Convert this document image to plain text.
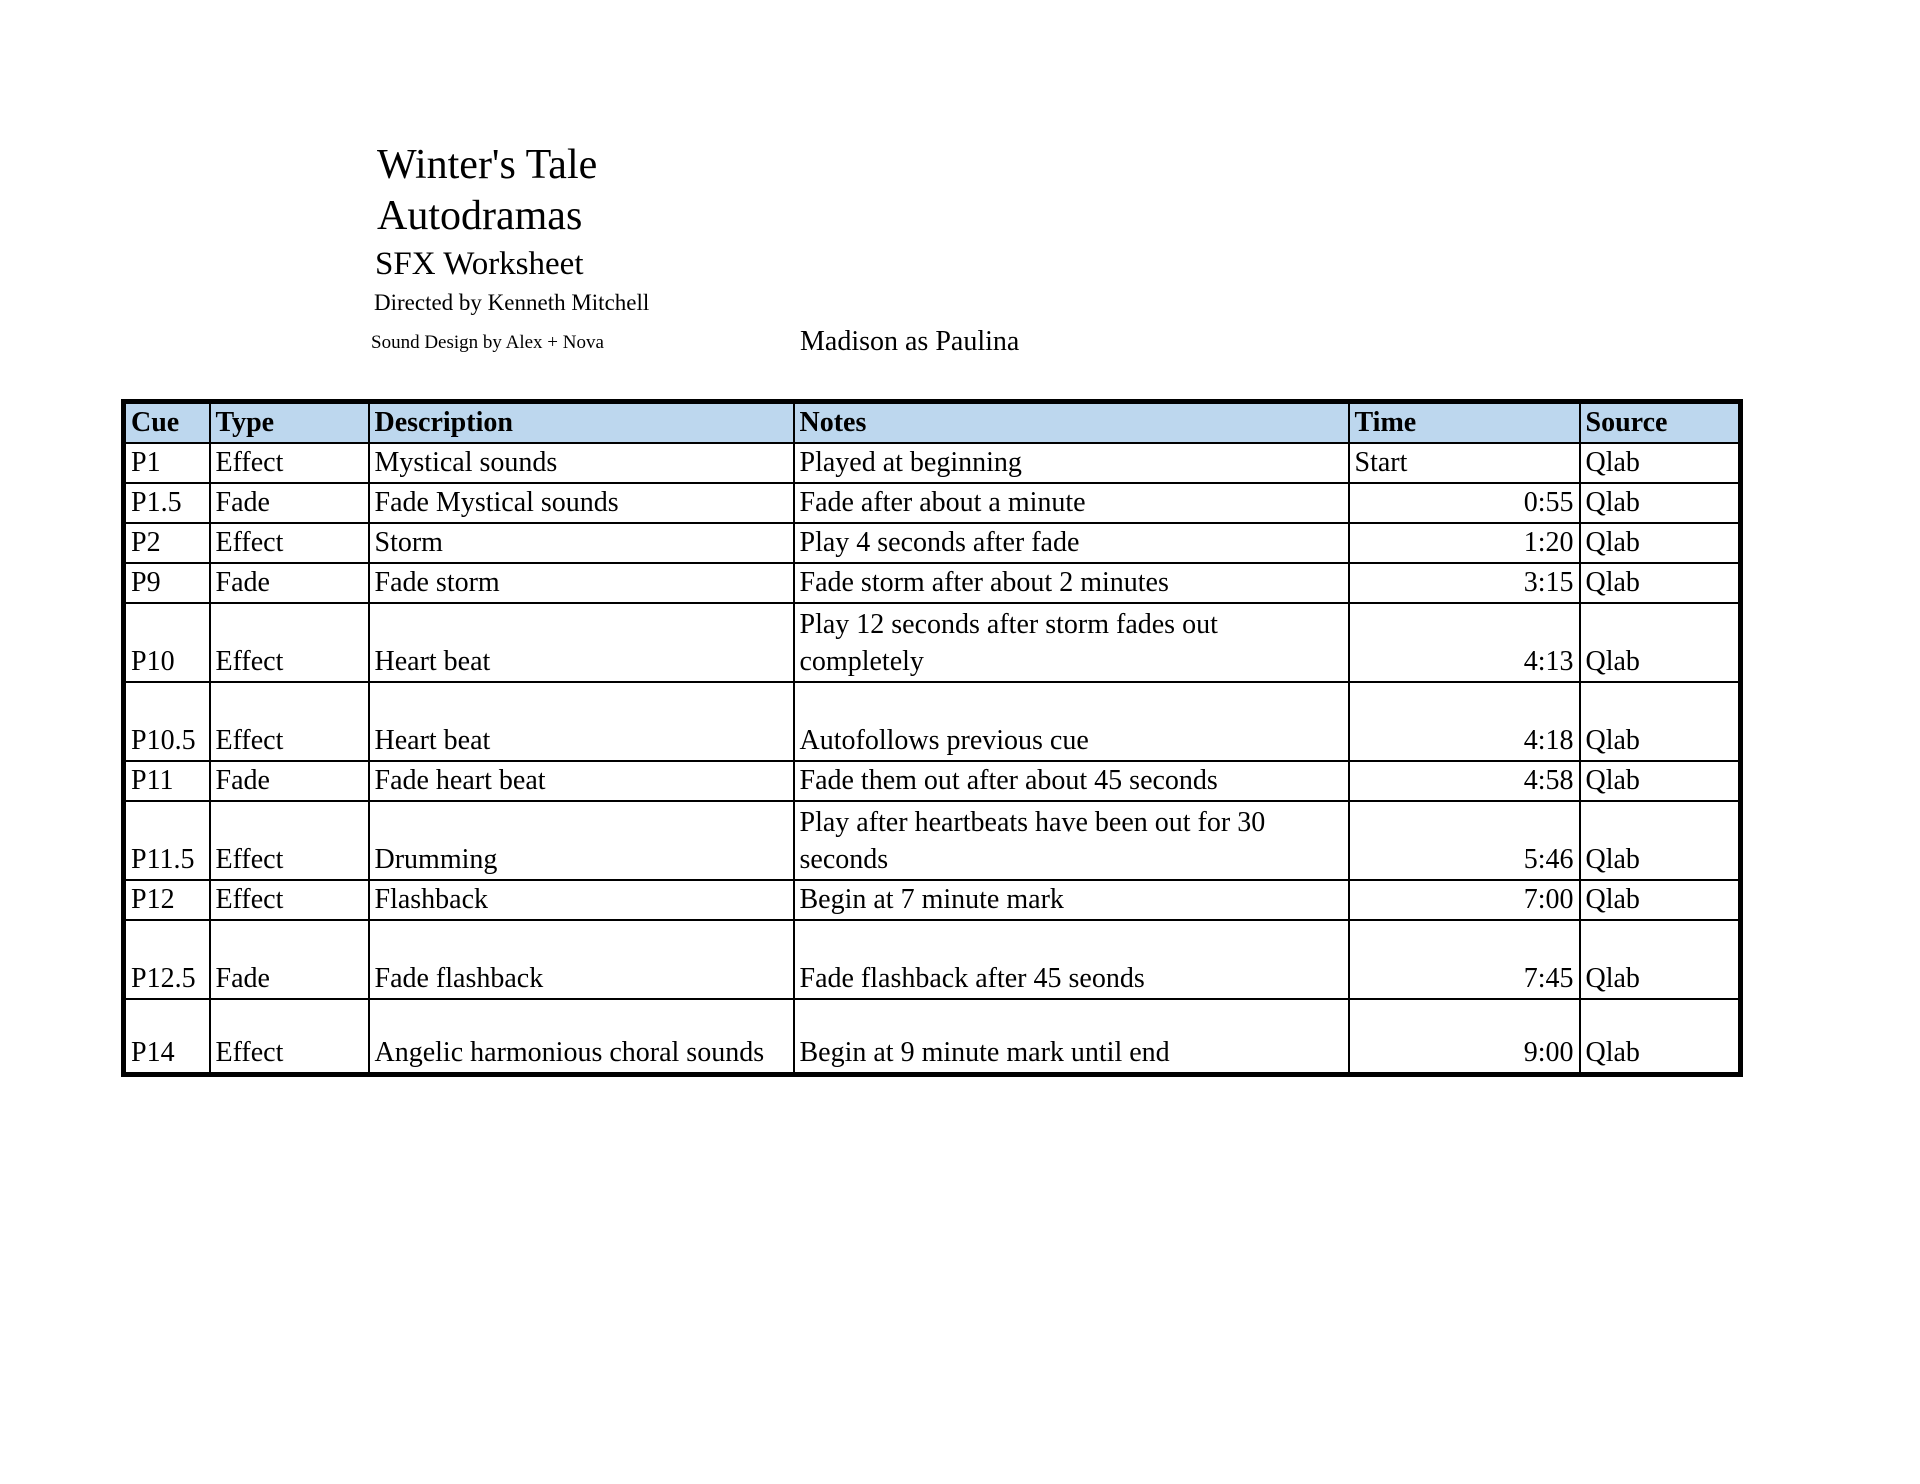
Winter's Tale
Autodramas
SFX Worksheet
Directed by Kenneth Mitchell
Sound Design by Alex + Nova	Madison as Paulina
Cue	Type	Description	Notes	Time	Source
P1	Effect	Mystical sounds	Played at beginning	Start	Qlab
P1.5	Fade	Fade Mystical sounds	Fade after about a minute	0:55	Qlab
P2	Effect	Storm	Play 4 seconds after fade	1:20	Qlab
P9	Fade	Fade storm	Fade storm after about 2 minutes	3:15	Qlab
P10	Effect	Heart beat	Play 12 seconds after storm fades out completely	4:13	Qlab
P10.5	Effect	Heart beat	Autofollows previous cue	4:18	Qlab
P11	Fade	Fade heart beat	Fade them out after about 45 seconds	4:58	Qlab
P11.5	Effect	Drumming	Play after heartbeats have been out for 30 seconds	5:46	Qlab
P12	Effect	Flashback	Begin at 7 minute mark	7:00	Qlab
P12.5	Fade	Fade flashback	Fade flashback after 45 seonds	7:45	Qlab
P14	Effect	Angelic harmonious choral sounds	Begin at 9 minute mark until end	9:00	Qlab
